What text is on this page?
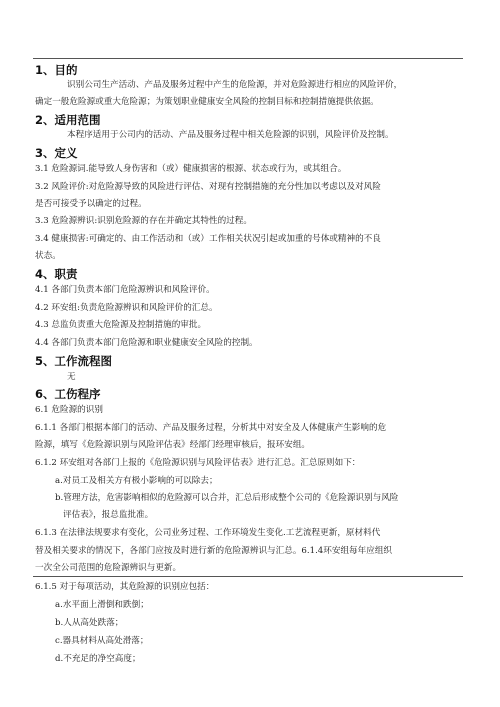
1、目的
识别公司生产活动、产品及服务过程中产生的危险源，并对危险源进行相应的风险评价，
确定一般危险源或重大危险源；为策划职业健康安全风险的控制目标和控制措施提供依据。
2、适用范围
本程序适用于公司内的活动、产品及服务过程中相关危险源的识别，风险评价及控制。
3、定义
3.1 危险源词.能导致人身伤害和（或）健康损害的根源、状态或行为，或其组合。
3.2 风险评价:对危险源导致的风险进行评估、对现有控制措施的充分性加以考虑以及对风险
是否可接受予以确定的过程。
3.3 危险源辨识:识别危险源的存在并确定其特性的过程。
3.4 健康损害:可确定的、由工作活动和（或）工作相关状况引起或加重的号体或精神的不良
状态。
4、职责
4.1 各部门负责本部门危险源辨识和风险评价。
4.2 环安组:负责危险源辨识和风险评价的汇总。
4.3 总监负责重大危险源及控制措施的审批。
4.4 各部门负责本部门危险源和职业健康安全风险的控制。
5、工作流程图
无
6、工伤程序
6.1 危险源的识别
6.1.1 各部门根据本部门的活动、产品及服务过程，分析其中对安全及人体健康产生影响的危
险源，填写《危险源识别与风险评估表》经部门经理审核后，报环安组。
6.1.2 环安组对各部门上报的《危险源识别与风险评估表》进行汇总。汇总原则如下：
a.对员工及相关方有极小影响的可以除去；
b.管理方法，危害影响相似的危险源可以合并，汇总后形成整个公司的《危险源识别与风险
评估表》，报总监批准。
6.1.3 在法律法规要求有变化，公司业务过程、工作环境发生变化.工艺流程更新，原材料代
替及相关要求的情况下，各部门应按及时进行新的危险源辨识与汇总。6.1.4环安组每年应组织
一次全公司范围的危险源辨识与更新。
6.1.5 对于每项活动，其危险源的识别应包括：
a.水平面上滑倒和跌倒；
b.人从高处跌落；
c.器具材料从高处滑落；
d.不充足的净空高度；
